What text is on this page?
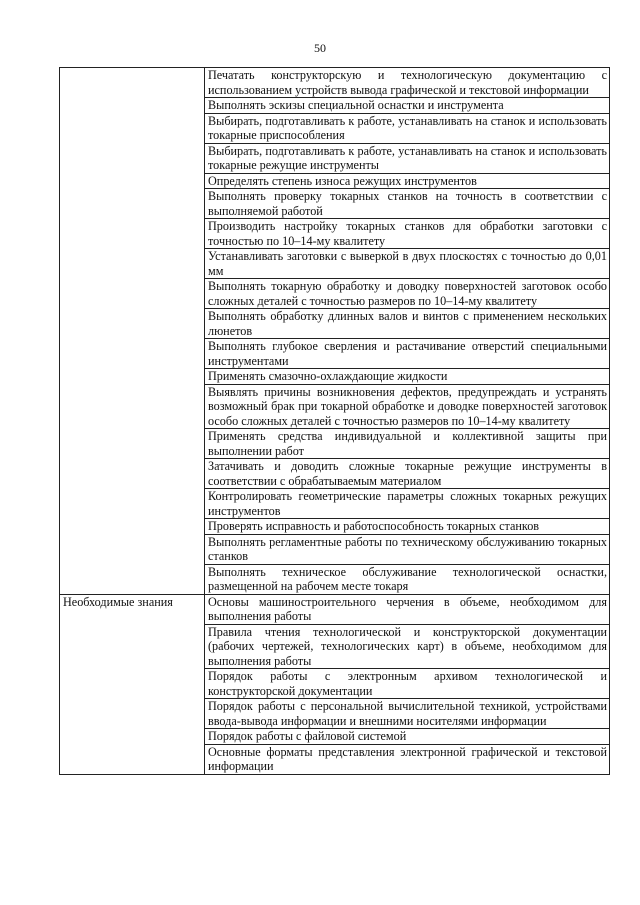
50
	Печатать конструкторскую и технологическую документацию с использованием устройств вывода графической и текстовой информации
	Выполнять эскизы специальной оснастки и инструмента
	Выбирать, подготавливать к работе, устанавливать на станок и использовать токарные приспособления
	Выбирать, подготавливать к работе, устанавливать на станок и использовать токарные режущие инструменты
	Определять степень износа режущих инструментов
	Выполнять проверку токарных станков на точность в соответствии с выполняемой работой
	Производить настройку токарных станков для обработки заготовки с точностью по 10–14-му квалитету
	Устанавливать заготовки с выверкой в двух плоскостях с точностью до 0,01 мм
	Выполнять токарную обработку и доводку поверхностей заготовок особо сложных деталей с точностью размеров по 10–14-му квалитету
	Выполнять обработку длинных валов и винтов с применением нескольких люнетов
	Выполнять глубокое сверления и растачивание отверстий специальными инструментами
	Применять смазочно-охлаждающие жидкости
	Выявлять причины возникновения дефектов, предупреждать и устранять возможный брак при токарной обработке и доводке поверхностей заготовок особо сложных деталей с точностью размеров по 10–14-му квалитету
	Применять средства индивидуальной и коллективной защиты при выполнении работ
	Затачивать и доводить сложные токарные режущие инструменты в соответствии с обрабатываемым материалом
	Контролировать геометрические параметры сложных токарных режущих инструментов
	Проверять исправность и работоспособность токарных станков
	Выполнять регламентные работы по техническому обслуживанию токарных станков
	Выполнять техническое обслуживание технологической оснастки, размещенной на рабочем месте токаря
Необходимые знания	Основы машиностроительного черчения в объеме, необходимом для выполнения работы
	Правила чтения технологической и конструкторской документации (рабочих чертежей, технологических карт) в объеме, необходимом для выполнения работы
	Порядок работы с электронным архивом технологической и конструкторской документации
	Порядок работы с персональной вычислительной техникой, устройствами ввода-вывода информации и внешними носителями информации
	Порядок работы с файловой системой
	Основные форматы представления электронной графической и текстовой информации
